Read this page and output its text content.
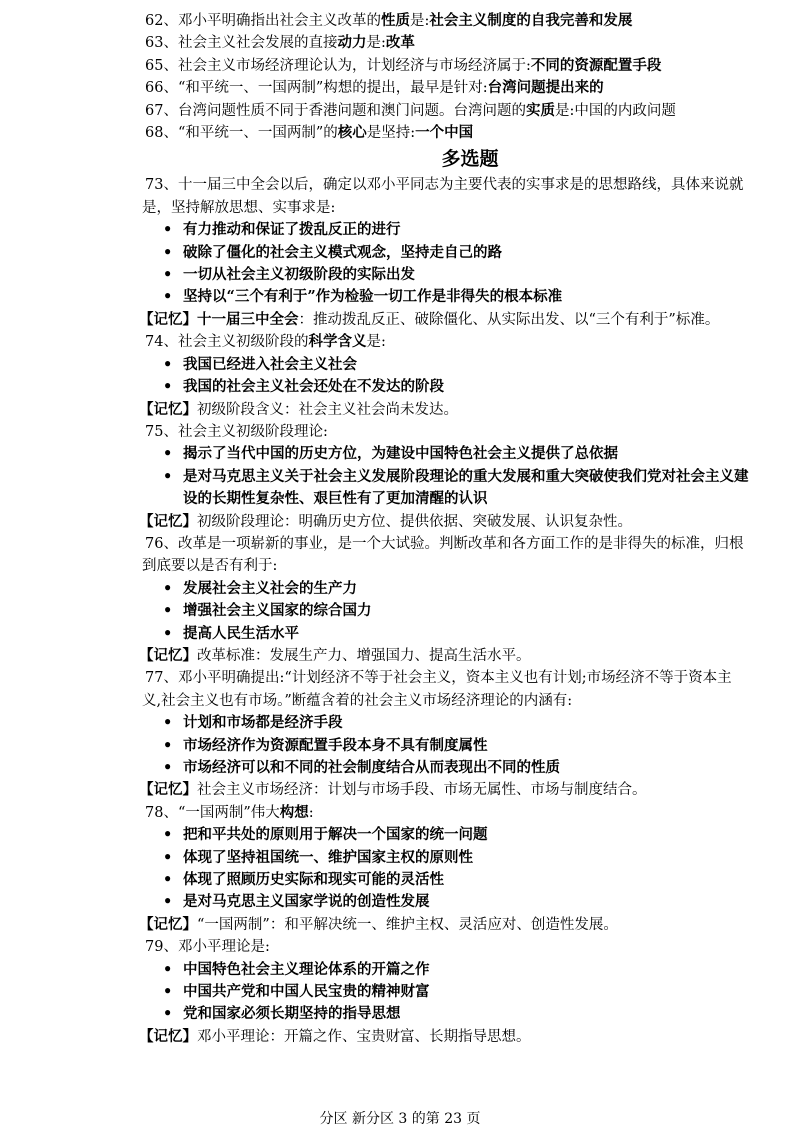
62、邓小平明确指出社会主义改革的性质是:社会主义制度的自我完善和发展
63、社会主义社会发展的直接动力是:改革
65、社会主义市场经济理论认为，计划经济与市场经济属于:不同的资源配置手段
66、“和平统一、一国两制”构想的提出，最早是针对:台湾问题提出来的
67、台湾问题性质不同于香港问题和澳门问题。台湾问题的实质是:中国的内政问题
68、“和平统一、一国两制”的核心是坚持:一个中国
多选题
73、十一届三中全会以后，确定以邓小平同志为主要代表的实事求是的思想路线，具体来说就
是，坚持解放思想、实事求是:
• 有力推动和保证了拨乱反正的进行
• 破除了僵化的社会主义模式观念，坚持走自己的路
• 一切从社会主义初级阶段的实际出发
• 坚持以“三个有利于”作为检验一切工作是非得失的根本标准
【记忆】十一届三中全会：推动拨乱反正、破除僵化、从实际出发、以“三个有利于”标准。
74、社会主义初级阶段的科学含义是:
• 我国已经进入社会主义社会
• 我国的社会主义社会还处在不发达的阶段
【记忆】初级阶段含义：社会主义社会尚未发达。
75、社会主义初级阶段理论:
• 揭示了当代中国的历史方位，为建设中国特色社会主义提供了总依据
• 是对马克思主义关于社会主义发展阶段理论的重大发展和重大突破使我们党对社会主义建设的长期性复杂性、艰巨性有了更加清醒的认识
【记忆】初级阶段理论：明确历史方位、提供依据、突破发展、认识复杂性。
76、改革是一项崭新的事业，是一个大试验。判断改革和各方面工作的是非得失的标准，归根
到底要以是否有利于:
• 发展社会主义社会的生产力
• 增强社会主义国家的综合国力
• 提高人民生活水平
【记忆】改革标准：发展生产力、增强国力、提高生活水平。
77、邓小平明确提出:“计划经济不等于社会主义，资本主义也有计划;市场经济不等于资本主
义,社会主义也有市场。”断蕴含着的社会主义市场经济理论的内涵有:
• 计划和市场都是经济手段
• 市场经济作为资源配置手段本身不具有制度属性
• 市场经济可以和不同的社会制度结合从而表现出不同的性质
【记忆】社会主义市场经济：计划与市场手段、市场无属性、市场与制度结合。
78、“一国两制”伟大构想:
• 把和平共处的原则用于解决一个国家的统一问题
• 体现了坚持祖国统一、维护国家主权的原则性
• 体现了照顾历史实际和现实可能的灵活性
• 是对马克思主义国家学说的创造性发展
【记忆】“一国两制”：和平解决统一、维护主权、灵活应对、创造性发展。
79、邓小平理论是:
• 中国特色社会主义理论体系的开篇之作
• 中国共产党和中国人民宝贵的精神财富
• 党和国家必须长期坚持的指导思想
【记忆】邓小平理论：开篇之作、宝贵财富、长期指导思想。
分区 新分区 3 的第 23 页
